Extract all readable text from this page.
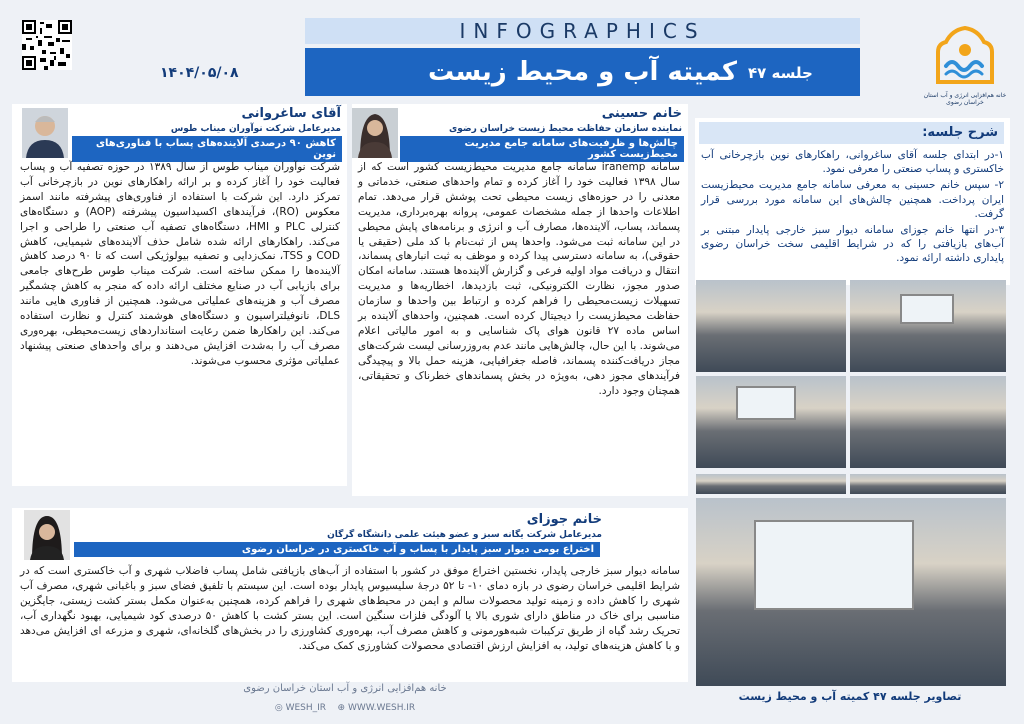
۱۴۰۴/۰۵/۰۸
INFOGRAPHICS
کمیته آب و محیط زیست جلسه ۴۷
خانه هم‌افزایی انرژی و آب استان خراسان رضوی
شرح جلسه:
۱-در ابتدای جلسه آقای ساغروانی، راهکارهای نوین بازچرخانی آب خاکستری و پساب صنعتی را معرفی نمود.
۲- سپس خانم حسینی به معرفی سامانه جامع مدیریت محیط‌زیست ایران پرداخت. همچنین چالش‌های این سامانه مورد بررسی قرار گرفت.
۳-در انتها خانم جوزای سامانه دیوار سبز خارجی پایدار مبتنی بر آب‌های بازیافتی را که در شرایط اقلیمی سخت خراسان رضوی پایداری داشته ارائه نمود.
تصاویر جلسه ۴۷ کمیته آب و محیط زیست
آقای ساغروانی
مدیرعامل شرکت نوآوران میناب طوس
کاهش ۹۰ درصدی آلاینده‌های پساب با فناوری‌های نوین
شرکت نوآوران میناب طوس از سال ۱۳۸۹ در حوزه تصفیه آب و پساب فعالیت خود را آغاز کرده و بر ارائه راهکارهای نوین در بازچرخانی آب تمرکز دارد. این شرکت با استفاده از فناوری‌های پیشرفته مانند اسمز معکوس (RO)، فرآیندهای اکسیداسیون پیشرفته (AOP) و دستگاه‌های کنترلی PLC و HMI، دستگاه‌های تصفیه آب صنعتی را طراحی و اجرا می‌کند. راهکارهای ارائه شده شامل حذف آلاینده‌های شیمیایی، کاهش COD و TSS، نمک‌زدایی و تصفیه بیولوژیکی است که تا ۹۰ درصد کاهش آلاینده‌ها را ممکن ساخته است. شرکت میناب طوس طرح‌های جامعی برای بازیابی آب در صنایع مختلف ارائه داده که منجر به کاهش چشمگیر مصرف آب و هزینه‌های عملیاتی می‌شود. همچنین از فناوری هایی مانند DLS، نانوفیلتراسیون و دستگاه‌های هوشمند کنترل و نظارت استفاده می‌کند. این راهکارها ضمن رعایت استانداردهای زیست‌محیطی، بهره‌وری مصرف آب را به‌شدت افزایش می‌دهند و برای واحدهای صنعتی پیشنهاد عملیاتی مؤثری محسوب می‌شوند.
خانم حسینی
نماینده سازمان حفاظت محیط زیست خراسان رضوی
چالش‌ها و ظرفیت‌های سامانه جامع مدیریت محیط‌زیست کشور
سامانه iranemp سامانه جامع مدیریت محیط‌زیست کشور است که از سال ۱۳۹۸ فعالیت خود را آغاز کرده و تمام واحدهای صنعتی، خدماتی و معدنی را در حوزه‌های زیست محیطی تحت پوشش قرار می‌دهد. تمام اطلاعات واحدها از جمله مشخصات عمومی، پروانه بهره‌برداری، مدیریت پسماند، پساب، آلاینده‌ها، مصارف آب و انرژی و برنامه‌های پایش محیطی در این سامانه ثبت می‌شود. واحدها پس از ثبت‌نام با کد ملی (حقیقی یا حقوقی)، به سامانه دسترسی پیدا کرده و موظف به ثبت انبارهای پسماند، انتقال و دریافت مواد اولیه فرعی و گزارش آلاینده‌ها هستند. سامانه امکان صدور مجوز، نظارت الکترونیکی، ثبت بازدیدها، اخطاریه‌ها و مدیریت تسهیلات زیست‌محیطی را فراهم کرده و ارتباط بین واحدها و سازمان حفاظت محیط‌زیست را دیجیتال کرده است. همچنین، واحدهای آلاینده بر اساس ماده ۲۷ قانون هوای پاک شناسایی و به امور مالیاتی اعلام می‌شوند. با این حال، چالش‌هایی مانند عدم به‌روزرسانی لیست شرکت‌های مجاز دریافت‌کننده پسماند، فاصله جغرافیایی، هزینه حمل بالا و پیچیدگی فرآیندهای مجوز دهی، به‌ویژه در بخش پسماندهای خطرناک و تحقیقاتی، همچنان وجود دارد.
خانم جوزای
مدیرعامل شرکت یگانه سبز و عضو هیئت علمی دانشگاه گرگان
اختراع بومی دیوار سبز پایدار با پساب و آب خاکستری در خراسان رضوی
سامانه دیوار سبز خارجی پایدار، نخستین اختراع موفق در کشور با استفاده از آب‌های بازیافتی شامل پساب فاضلاب شهری و آب خاکستری است که در شرایط اقلیمی خراسان رضوی در بازه دمای ۱۰- تا ۵۲ درجهٔ سلیسیوس پایدار بوده است. این سیستم با تلفیق فضای سبز و باغبانی شهری، مصرف آب شهری را کاهش داده و زمینه تولید محصولات سالم و ایمن در محیط‌های شهری را فراهم کرده، همچنین به‌عنوان مکمل بستر کشت زیستی، جایگزین مناسبی برای خاک در مناطق دارای شوری بالا یا آلودگی فلزات سنگین است. این بستر کشت با کاهش ۵۰ درصدی کود شیمیایی، بهبود نگهداری آب، تحریک رشد گیاه از طریق ترکیبات شبه‌هورمونی و کاهش مصرف آب، بهره‌وری کشاورزی را در بخش‌های گلخانه‌ای، شهری و مزرعه ای افزایش می‌دهد و با کاهش هزینه‌های تولید، به افزایش ارزش اقتصادی محصولات کشاورزی کمک می‌کند.
خانه هم‌افزایی انرژی و آب استان خراسان رضوی
◎ WESH_IR ⊕ WWW.WESH.IR
